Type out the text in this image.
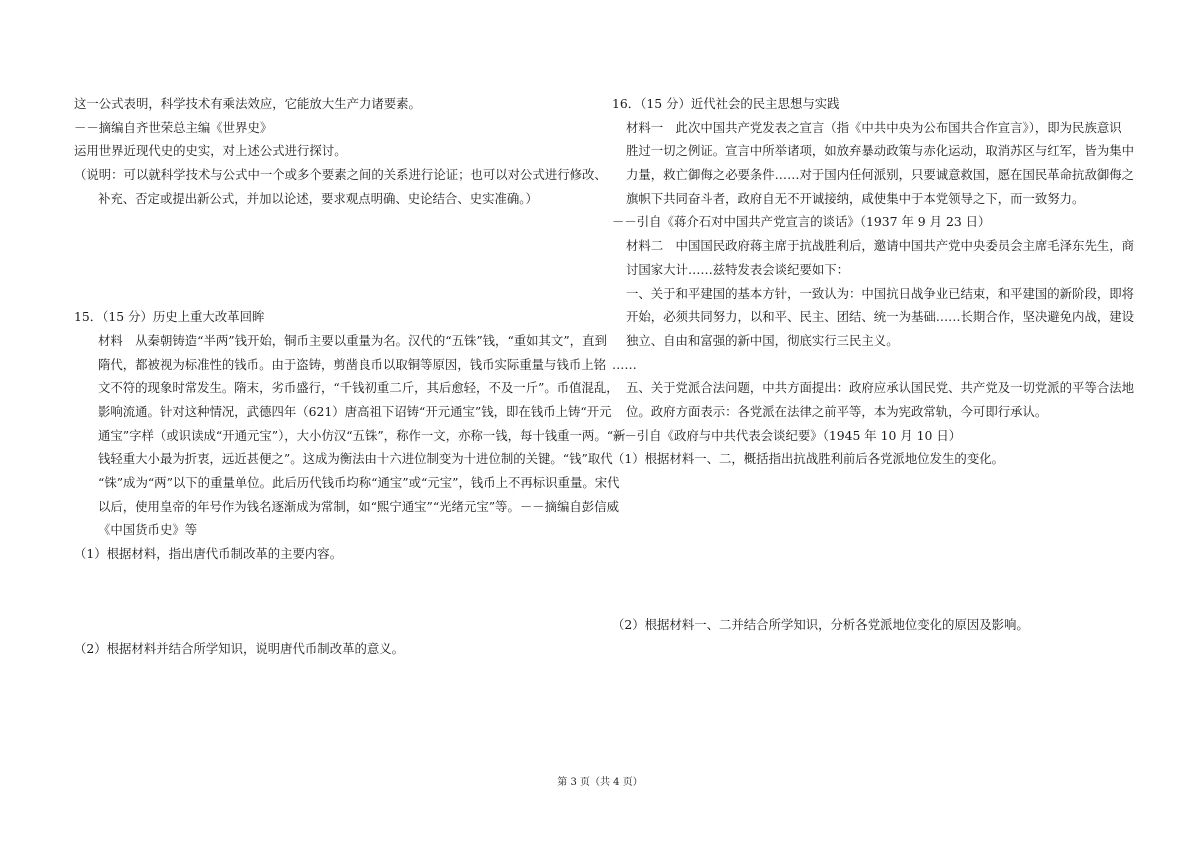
这一公式表明，科学技术有乘法效应，它能放大生产力诸要素。
－－摘编自齐世荣总主编《世界史》
运用世界近现代史的史实，对上述公式进行探讨。
（说明：可以就科学技术与公式中一个或多个要素之间的关系进行论证；也可以对公式进行修改、
补充、否定或提出新公式，并加以论述，要求观点明确、史论结合、史实准确。）
15．（15 分）历史上重大改革回眸
材料　从秦朝铸造“半两”钱开始，铜币主要以重量为名。汉代的“五铢”钱，“重如其文”，直到
隋代，都被视为标准性的钱币。由于盗铸，剪凿良币以取铜等原因，钱币实际重量与钱币上铭
文不符的现象时常发生。隋末，劣币盛行，“千钱初重二斤，其后愈轻，不及一斤”。币值混乱，
影响流通。针对这种情况，武德四年（621）唐高祖下诏铸“开元通宝”钱，即在钱币上铸“开元
通宝”字样（或识读成“开通元宝”），大小仿汉“五铢”，称作一文，亦称一钱，每十钱重一两。“新
钱轻重大小最为折衷，远近甚便之”。这成为衡法由十六进位制变为十进位制的关键。“钱”取代
“铢”成为“两”以下的重量单位。此后历代钱币均称“通宝”或“元宝”，钱币上不再标识重量。宋代
以后，使用皇帝的年号作为钱名逐渐成为常制，如“熙宁通宝”“光绪元宝”等。－－摘编自彭信威
《中国货币史》等
（1）根据材料，指出唐代币制改革的主要内容。
（2）根据材料并结合所学知识，说明唐代币制改革的意义。
16．（15 分）近代社会的民主思想与实践
材料一　此次中国共产党发表之宣言（指《中共中央为公布国共合作宣言》），即为民族意识
胜过一切之例证。宣言中所举诸项，如放弃暴动政策与赤化运动，取消苏区与红军，皆为集中
力量，救亡御侮之必要条件……对于国内任何派别，只要诚意救国，愿在国民革命抗敌御侮之
旗帜下共同奋斗者，政府自无不开诚接纳，咸使集中于本党领导之下，而一致努力。
－－引自《蒋介石对中国共产党宣言的谈话》（1937 年 9 月 23 日）
材料二　中国国民政府蒋主席于抗战胜利后，邀请中国共产党中央委员会主席毛泽东先生，商
讨国家大计……兹特发表会谈纪要如下：
一、关于和平建国的基本方针，一致认为：中国抗日战争业已结束，和平建国的新阶段，即将
开始，必须共同努力，以和平、民主、团结、统一为基础……长期合作，坚决避免内战，建设
独立、自由和富强的新中国，彻底实行三民主义。
……
五、关于党派合法问题，中共方面提出：政府应承认国民党、共产党及一切党派的平等合法地
位。政府方面表示：各党派在法律之前平等，本为宪政常轨，今可即行承认。
－－引自《政府与中共代表会谈纪要》（1945 年 10 月 10 日）
（1）根据材料一、二，概括指出抗战胜利前后各党派地位发生的变化。
（2）根据材料一、二并结合所学知识，分析各党派地位变化的原因及影响。
第 3 页（共 4 页）
